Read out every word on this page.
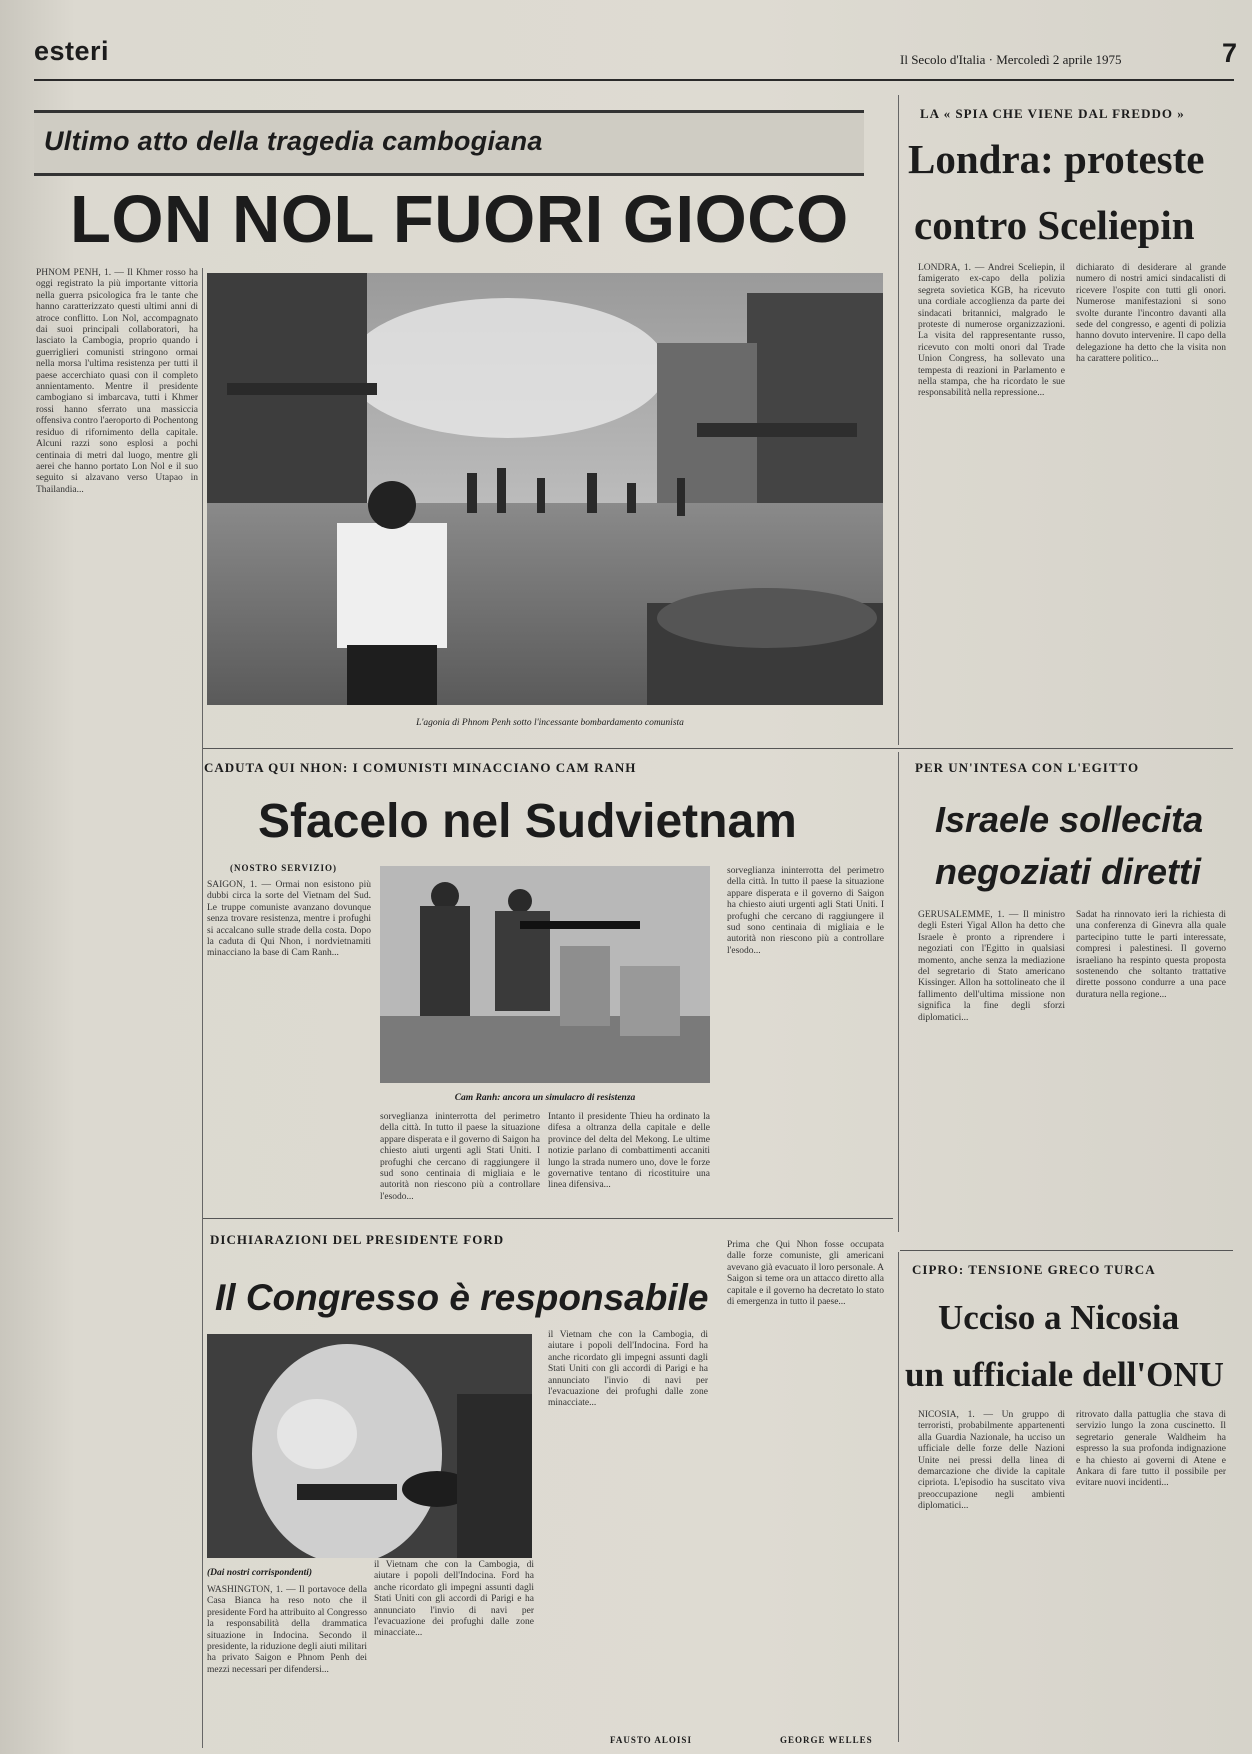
esteri	Il Secolo d'Italia · Mercoledì 2 aprile 1975	7
Ultimo atto della tragedia cambogiana
LON NOL FUORI GIOCO
PHNOM PENH, 1. — Il Khmer rosso ha oggi registrato la più importante vittoria nella guerra psicologica fra le tante che hanno caratterizzato questi ultimi anni di atroce conflitto. Lon Nol, accompagnato dai suoi principali collaboratori, ha lasciato la Cambogia, proprio quando i guerriglieri comunisti stringono ormai nella morsa l'ultima resistenza per tutti il paese accerchiato quasi con il completo annientamento. Mentre il presidente cambogiano si imbarcava, tutti i Khmer rossi hanno sferrato una massiccia offensiva contro l'aeroporto di Pochentong residuo di rifornimento della capitale. Alcuni razzi sono esplosi a pochi centinaia di metri dal luogo, mentre gli aerei che hanno portato Lon Nol e il suo seguito si alzavano verso Utapao in Thailandia...
L'agonia di Phnom Penh sotto l'incessante bombardamento comunista
LA « SPIA CHE VIENE DAL FREDDO »
Londra: proteste
contro Sceliepin
LONDRA, 1. — Andrei Sceliepin, il famigerato ex-capo della polizia segreta sovietica KGB, ha ricevuto una cordiale accoglienza da parte dei sindacati britannici, malgrado le proteste di numerose organizzazioni. La visita del rappresentante russo, ricevuto con molti onori dal Trade Union Congress, ha sollevato una tempesta di reazioni in Parlamento e nella stampa, che ha ricordato le sue responsabilità nella repressione...
dichiarato di desiderare al grande numero di nostri amici sindacalisti di ricevere l'ospite con tutti gli onori. Numerose manifestazioni si sono svolte durante l'incontro davanti alla sede del congresso, e agenti di polizia hanno dovuto intervenire. Il capo della delegazione ha detto che la visita non ha carattere politico...
CADUTA QUI NHON: I COMUNISTI MINACCIANO CAM RANH
Sfacelo nel Sudvietnam
(NOSTRO SERVIZIO)
SAIGON, 1. — Ormai non esistono più dubbi circa la sorte del Vietnam del Sud. Le truppe comuniste avanzano dovunque senza trovare resistenza, mentre i profughi si accalcano sulle strade della costa. Dopo la caduta di Qui Nhon, i nordvietnamiti minacciano la base di Cam Ranh...
Cam Ranh: ancora un simulacro di resistenza
sorveglianza ininterrotta del perimetro della città. In tutto il paese la situazione appare disperata e il governo di Saigon ha chiesto aiuti urgenti agli Stati Uniti. I profughi che cercano di raggiungere il sud sono centinaia di migliaia e le autorità non riescono più a controllare l'esodo...
Intanto il presidente Thieu ha ordinato la difesa a oltranza della capitale e delle province del delta del Mekong. Le ultime notizie parlano di combattimenti accaniti lungo la strada numero uno, dove le forze governative tentano di ricostituire una linea difensiva...
sorveglianza ininterrotta del perimetro della città. In tutto il paese la situazione appare disperata e il governo di Saigon ha chiesto aiuti urgenti agli Stati Uniti. I profughi che cercano di raggiungere il sud sono centinaia di migliaia e le autorità non riescono più a controllare l'esodo...
PER UN'INTESA CON L'EGITTO
Israele sollecita
negoziati diretti
GERUSALEMME, 1. — Il ministro degli Esteri Yigal Allon ha detto che Israele è pronto a riprendere i negoziati con l'Egitto in qualsiasi momento, anche senza la mediazione del segretario di Stato americano Kissinger. Allon ha sottolineato che il fallimento dell'ultima missione non significa la fine degli sforzi diplomatici...
Sadat ha rinnovato ieri la richiesta di una conferenza di Ginevra alla quale partecipino tutte le parti interessate, compresi i palestinesi. Il governo israeliano ha respinto questa proposta sostenendo che soltanto trattative dirette possono condurre a una pace duratura nella regione...
DICHIARAZIONI DEL PRESIDENTE FORD
Il Congresso è responsabile
(Dai nostri corrispondenti)
WASHINGTON, 1. — Il portavoce della Casa Bianca ha reso noto che il presidente Ford ha attribuito al Congresso la responsabilità della drammatica situazione in Indocina. Secondo il presidente, la riduzione degli aiuti militari ha privato Saigon e Phnom Penh dei mezzi necessari per difendersi...
il Vietnam che con la Cambogia, di aiutare i popoli dell'Indocina. Ford ha anche ricordato gli impegni assunti dagli Stati Uniti con gli accordi di Parigi e ha annunciato l'invio di navi per l'evacuazione dei profughi dalle zone minacciate...
il Vietnam che con la Cambogia, di aiutare i popoli dell'Indocina. Ford ha anche ricordato gli impegni assunti dagli Stati Uniti con gli accordi di Parigi e ha annunciato l'invio di navi per l'evacuazione dei profughi dalle zone minacciate...
Prima che Qui Nhon fosse occupata dalle forze comuniste, gli americani avevano già evacuato il loro personale. A Saigon si teme ora un attacco diretto alla capitale e il governo ha decretato lo stato di emergenza in tutto il paese...
FAUSTO ALOISI	GEORGE WELLES
CIPRO: TENSIONE GRECO TURCA
Ucciso a Nicosia
un ufficiale dell'ONU
NICOSIA, 1. — Un gruppo di terroristi, probabilmente appartenenti alla Guardia Nazionale, ha ucciso un ufficiale delle forze delle Nazioni Unite nei pressi della linea di demarcazione che divide la capitale cipriota. L'episodio ha suscitato viva preoccupazione negli ambienti diplomatici...
ritrovato dalla pattuglia che stava di servizio lungo la zona cuscinetto. Il segretario generale Waldheim ha espresso la sua profonda indignazione e ha chiesto ai governi di Atene e Ankara di fare tutto il possibile per evitare nuovi incidenti...
